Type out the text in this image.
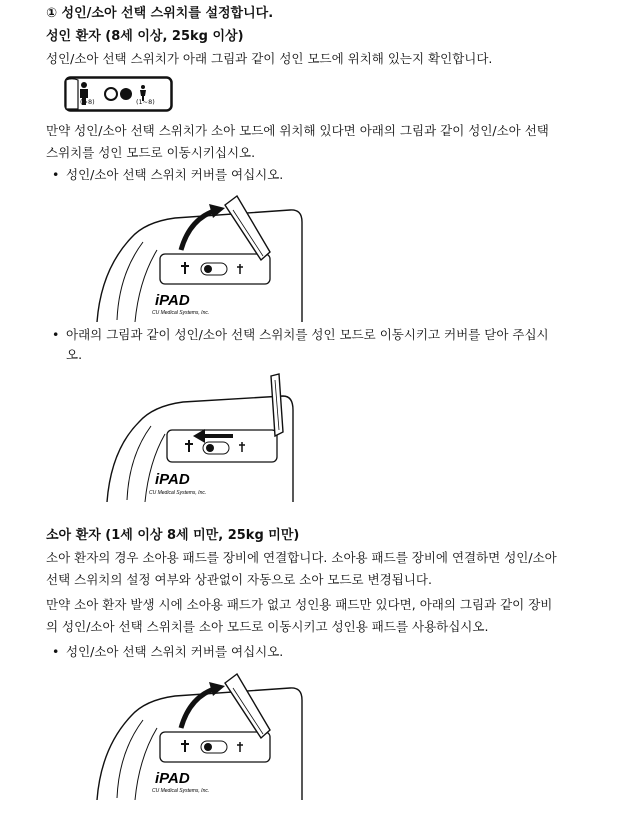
① 성인/소아 선택 스위치를 설정합니다.
성인 환자 (8세 이상, 25kg 이상)
성인/소아 선택 스위치가 아래 그림과 같이 성인 모드에 위치해 있는지 확인합니다.
(>8)	(1~8)
만약 성인/소아 선택 스위치가 소아 모드에 위치해 있다면 아래의 그림과 같이 성인/소아 선택
스위치를 성인 모드로 이동시키십시오.
• 성인/소아 선택 스위치 커버를 여십시오.
iPAD
CU Medical Systems, Inc.
• 아래의 그림과 같이 성인/소아 선택 스위치를 성인 모드로 이동시키고 커버를 닫아 주십시
오.
iPAD
CU Medical Systems, Inc.
소아 환자 (1세 이상 8세 미만, 25kg 미만)
소아 환자의 경우 소아용 패드를 장비에 연결합니다. 소아용 패드를 장비에 연결하면 성인/소아
선택 스위치의 설정 여부와 상관없이 자동으로 소아 모드로 변경됩니다.
만약 소아 환자 발생 시에 소아용 패드가 없고 성인용 패드만 있다면, 아래의 그림과 같이 장비
의 성인/소아 선택 스위치를 소아 모드로 이동시키고 성인용 패드를 사용하십시오.
• 성인/소아 선택 스위치 커버를 여십시오.
iPAD
CU Medical Systems, Inc.
